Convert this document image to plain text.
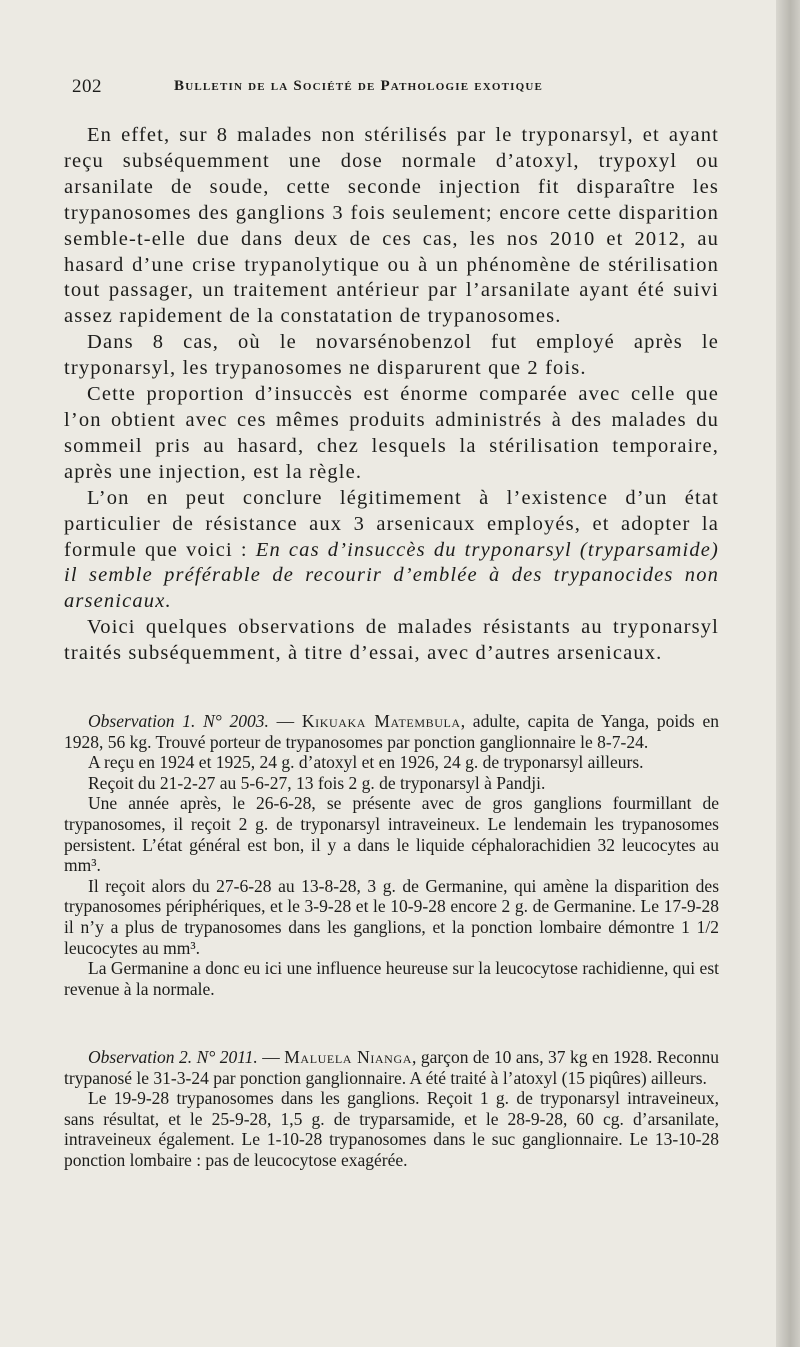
202	Bulletin de la Société de Pathologie exotique

En effet, sur 8 malades non stérilisés par le tryponarsyl, et ayant reçu subséquemment une dose normale d’atoxyl, trypoxyl ou arsanilate de soude, cette seconde injection fit disparaître les trypanosomes des ganglions 3 fois seulement; encore cette disparition semble-t-elle due dans deux de ces cas, les nos 2010 et 2012, au hasard d’une crise trypanolytique ou à un phénomène de stérilisation tout passager, un traitement antérieur par l’arsanilate ayant été suivi assez rapidement de la constatation de trypanosomes.

Dans 8 cas, où le novarsénobenzol fut employé après le tryponarsyl, les trypanosomes ne disparurent que 2 fois.

Cette proportion d’insuccès est énorme comparée avec celle que l’on obtient avec ces mêmes produits administrés à des malades du sommeil pris au hasard, chez lesquels la stérilisation temporaire, après une injection, est la règle.

L’on en peut conclure légitimement à l’existence d’un état particulier de résistance aux 3 arsenicaux employés, et adopter la formule que voici : En cas d’insuccès du tryponarsyl (tryparsamide) il semble préférable de recourir d’emblée à des trypanocides non arsenicaux.

Voici quelques observations de malades résistants au tryponarsyl traités subséquemment, à titre d’essai, avec d’autres arsenicaux.

Observation 1. N° 2003. — Kikuaka Matembula, adulte, capita de Yanga, poids en 1928, 56 kg. Trouvé porteur de trypanosomes par ponction ganglionnaire le 8-7-24.

A reçu en 1924 et 1925, 24 g. d’atoxyl et en 1926, 24 g. de tryponarsyl ailleurs.

Reçoit du 21-2-27 au 5-6-27, 13 fois 2 g. de tryponarsyl à Pandji.

Une année après, le 26-6-28, se présente avec de gros ganglions fourmillant de trypanosomes, il reçoit 2 g. de tryponarsyl intraveineux. Le lendemain les trypanosomes persistent. L’état général est bon, il y a dans le liquide céphalorachidien 32 leucocytes au mm³.

Il reçoit alors du 27-6-28 au 13-8-28, 3 g. de Germanine, qui amène la disparition des trypanosomes périphériques, et le 3-9-28 et le 10-9-28 encore 2 g. de Germanine. Le 17-9-28 il n’y a plus de trypanosomes dans les ganglions, et la ponction lombaire démontre 1 1/2 leucocytes au mm³.

La Germanine a donc eu ici une influence heureuse sur la leucocytose rachidienne, qui est revenue à la normale.

Observation 2. N° 2011. — Maluela Nianga, garçon de 10 ans, 37 kg en 1928. Reconnu trypanosé le 31-3-24 par ponction ganglionnaire. A été traité à l’atoxyl (15 piqûres) ailleurs.

Le 19-9-28 trypanosomes dans les ganglions. Reçoit 1 g. de tryponarsyl intraveineux, sans résultat, et le 25-9-28, 1,5 g. de tryparsamide, et le 28-9-28, 60 cg. d’arsanilate, intraveineux également. Le 1-10-28 trypanosomes dans le suc ganglionnaire. Le 13-10-28 ponction lombaire : pas de leucocytose exagérée.
